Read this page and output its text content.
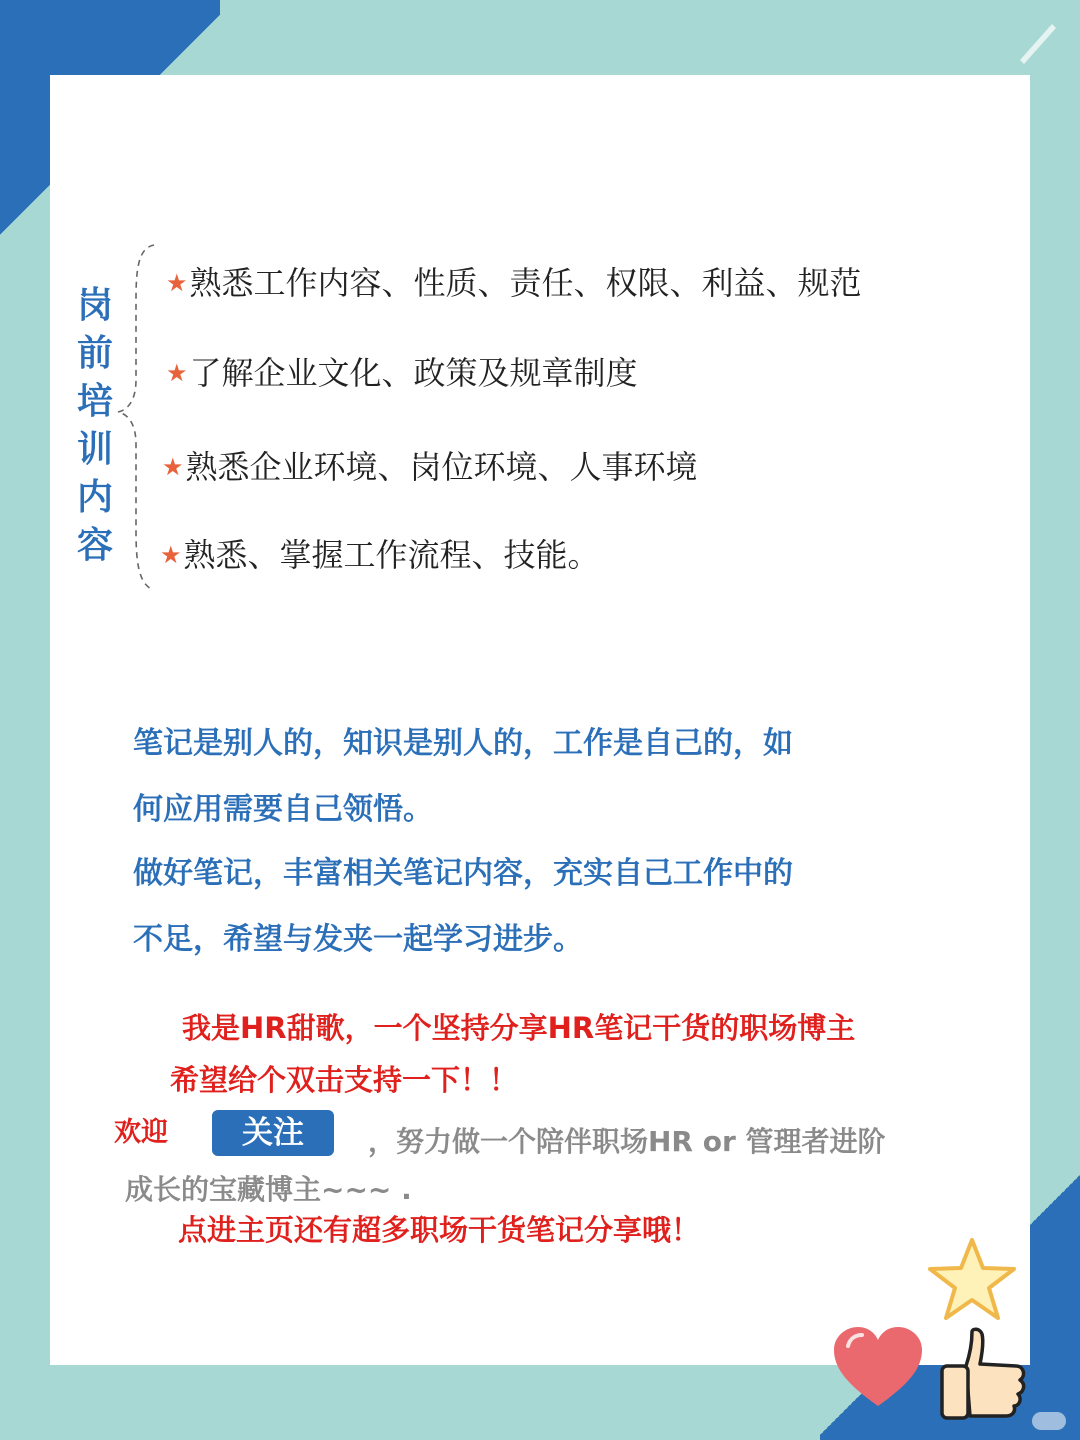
岗
前
培
训
内
容
★熟悉工作内容、性质、责任、权限、利益、规范
★了解企业文化、政策及规章制度
★熟悉企业环境、岗位环境、人事环境
★熟悉、掌握工作流程、技能。
笔记是别人的，知识是别人的，工作是自己的，如
何应用需要自己领悟。
做好笔记，丰富相关笔记内容，充实自己工作中的
不足，希望与发夹一起学习进步。
我是HR甜歌，一个坚持分享HR笔记干货的职场博主
希望给个双击支持一下！！
欢迎	关注	，努力做一个陪伴职场HR or 管理者进阶
成长的宝藏博主~~~ .
点进主页还有超多职场干货笔记分享哦！
